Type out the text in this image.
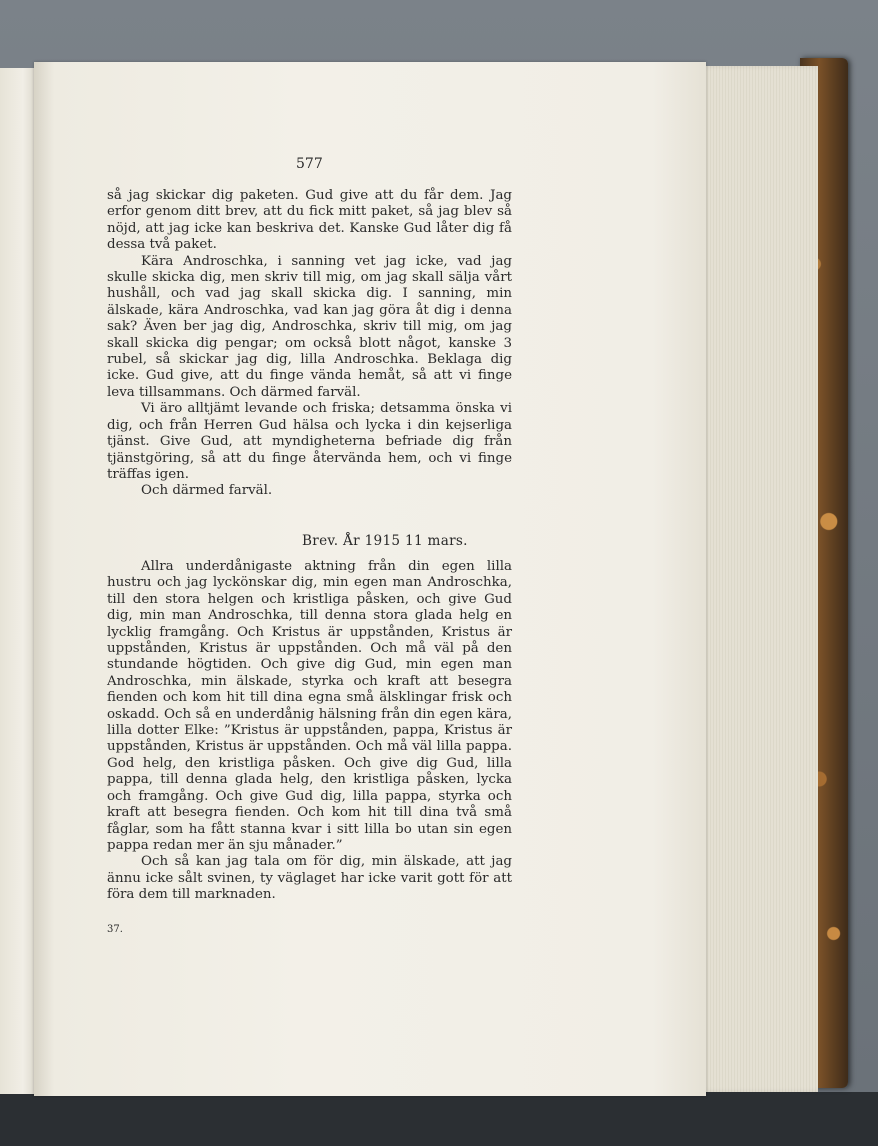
577

så jag skickar dig paketen. Gud give att du får dem. Jag erfor genom ditt brev, att du fick mitt paket, så jag blev så nöjd, att jag icke kan beskriva det. Kanske Gud låter dig få dessa två paket.

Kära Androschka, i sanning vet jag icke, vad jag skulle skicka dig, men skriv till mig, om jag skall sälja vårt hushåll, och vad jag skall skicka dig. I sanning, min älskade, kära Androschka, vad kan jag göra åt dig i denna sak? Även ber jag dig, Androschka, skriv till mig, om jag skall skicka dig pengar; om också blott något, kanske 3 rubel, så skickar jag dig, lilla Androschka. Beklaga dig icke. Gud give, att du finge vända hemåt, så att vi finge leva tillsammans. Och därmed farväl.

Vi äro alltjämt levande och friska; detsamma önska vi dig, och från Herren Gud hälsa och lycka i din kejserliga tjänst. Give Gud, att myndigheterna befriade dig från tjänstgöring, så att du finge återvända hem, och vi finge träffas igen.

Och därmed farväl.

Brev. År 1915 11 mars.

Allra underdånigaste aktning från din egen lilla hustru och jag lyckönskar dig, min egen man Androschka, till den stora helgen och kristliga påsken, och give Gud dig, min man Androschka, till denna stora glada helg en lycklig framgång. Och Kristus är uppstånden, Kristus är uppstånden, Kristus är uppstånden. Och må väl på den stundande högtiden. Och give dig Gud, min egen man Androschka, min älskade, styrka och kraft att besegra fienden och kom hit till dina egna små älsklingar frisk och oskadd. Och så en underdånig hälsning från din egen kära, lilla dotter Elke: ”Kristus är uppstånden, pappa, Kristus är uppstånden, Kristus är uppstånden. Och må väl lilla pappa. God helg, den kristliga påsken. Och give dig Gud, lilla pappa, till denna glada helg, den kristliga påsken, lycka och framgång. Och give Gud dig, lilla pappa, styrka och kraft att besegra fienden. Och kom hit till dina två små fåglar, som ha fått stanna kvar i sitt lilla bo utan sin egen pappa redan mer än sju månader.”

Och så kan jag tala om för dig, min älskade, att jag ännu icke sålt svinen, ty väglaget har icke varit gott för att föra dem till marknaden.

37.
